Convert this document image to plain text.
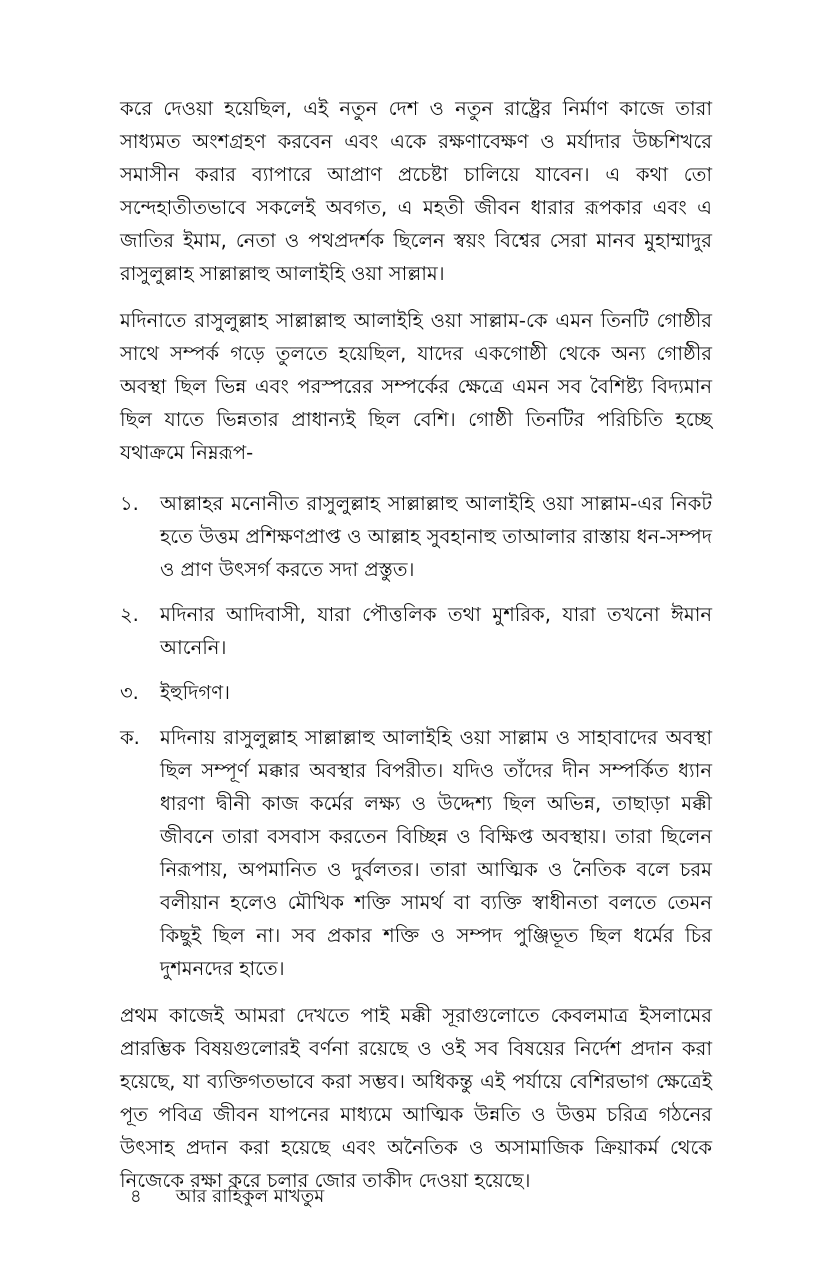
করে দেওয়া হয়েছিল, এই নতুন দেশ ও নতুন রাষ্ট্রের নির্মাণ কাজে তারা সাধ্যমত অংশগ্রহণ করবেন এবং একে রক্ষণাবেক্ষণ ও মর্যাদার উচ্চশিখরে সমাসীন করার ব্যাপারে আপ্রাণ প্রচেষ্টা চালিয়ে যাবেন। এ কথা তো সন্দেহাতীতভাবে সকলেই অবগত, এ মহতী জীবন ধারার রূপকার এবং এ জাতির ইমাম, নেতা ও পথপ্রদর্শক ছিলেন স্বয়ং বিশ্বের সেরা মানব মুহাম্মাদুর রাসুলুল্লাহ সাল্লাল্লাহু আলাইহি ওয়া সাল্লাম।

মদিনাতে রাসুলুল্লাহ সাল্লাল্লাহু আলাইহি ওয়া সাল্লাম-কে এমন তিনটি গোষ্ঠীর সাথে সম্পর্ক গড়ে তুলতে হয়েছিল, যাদের একগোষ্ঠী থেকে অন্য গোষ্ঠীর অবস্থা ছিল ভিন্ন এবং পরস্পরের সম্পর্কের ক্ষেত্রে এমন সব বৈশিষ্ট্য বিদ্যমান ছিল যাতে ভিন্নতার প্রাধান্যই ছিল বেশি। গোষ্ঠী তিনটির পরিচিতি হচ্ছে যথাক্রমে নিম্নরূপ-

১.	আল্লাহর মনোনীত রাসুলুল্লাহ সাল্লাল্লাহু আলাইহি ওয়া সাল্লাম-এর নিকট হতে উত্তম প্রশিক্ষণপ্রাপ্ত ও আল্লাহ সুবহানাহু তাআলার রাস্তায় ধন-সম্পদ ও প্রাণ উৎসর্গ করতে সদা প্রস্তুত।
২.	মদিনার আদিবাসী, যারা পৌত্তলিক তথা মুশরিক, যারা তখনো ঈমান আনেনি।
৩.	ইহুদিগণ।
ক. মদিনায় রাসুলুল্লাহ সাল্লাল্লাহু আলাইহি ওয়া সাল্লাম ও সাহাবাদের অবস্থা ছিল সম্পূর্ণ মক্কার অবস্থার বিপরীত। যদিও তাঁদের দীন সম্পর্কিত ধ্যান ধারণা দ্বীনী কাজ কর্মের লক্ষ্য ও উদ্দেশ্য ছিল অভিন্ন, তাছাড়া মক্কী জীবনে তারা বসবাস করতেন বিচ্ছিন্ন ও বিক্ষিপ্ত অবস্থায়। তারা ছিলেন নিরূপায়, অপমানিত ও দুর্বলতর। তারা আত্মিক ও নৈতিক বলে চরম বলীয়ান হলেও মৌখিক শক্তি সামর্থ বা ব্যক্তি স্বাধীনতা বলতে তেমন কিছুই ছিল না। সব প্রকার শক্তি ও সম্পদ পুঞ্জিভূত ছিল ধর্মের চির দুশমনদের হাতে।

প্রথম কাজেই আমরা দেখতে পাই মক্কী সূরাগুলোতে কেবলমাত্র ইসলামের প্রারম্ভিক বিষয়গুলোরই বর্ণনা রয়েছে ও ওই সব বিষয়ের নির্দেশ প্রদান করা হয়েছে, যা ব্যক্তিগতভাবে করা সম্ভব। অধিকন্তু এই পর্যায়ে বেশিরভাগ ক্ষেত্রেই পূত পবিত্র জীবন যাপনের মাধ্যমে আত্মিক উন্নতি ও উত্তম চরিত্র গঠনের উৎসাহ প্রদান করা হয়েছে এবং অনৈতিক ও অসামাজিক ক্রিয়াকর্ম থেকে নিজেকে রক্ষা করে চলার জোর তাকীদ দেওয়া হয়েছে।

৪ আর রাহিকুল মাখতুম
